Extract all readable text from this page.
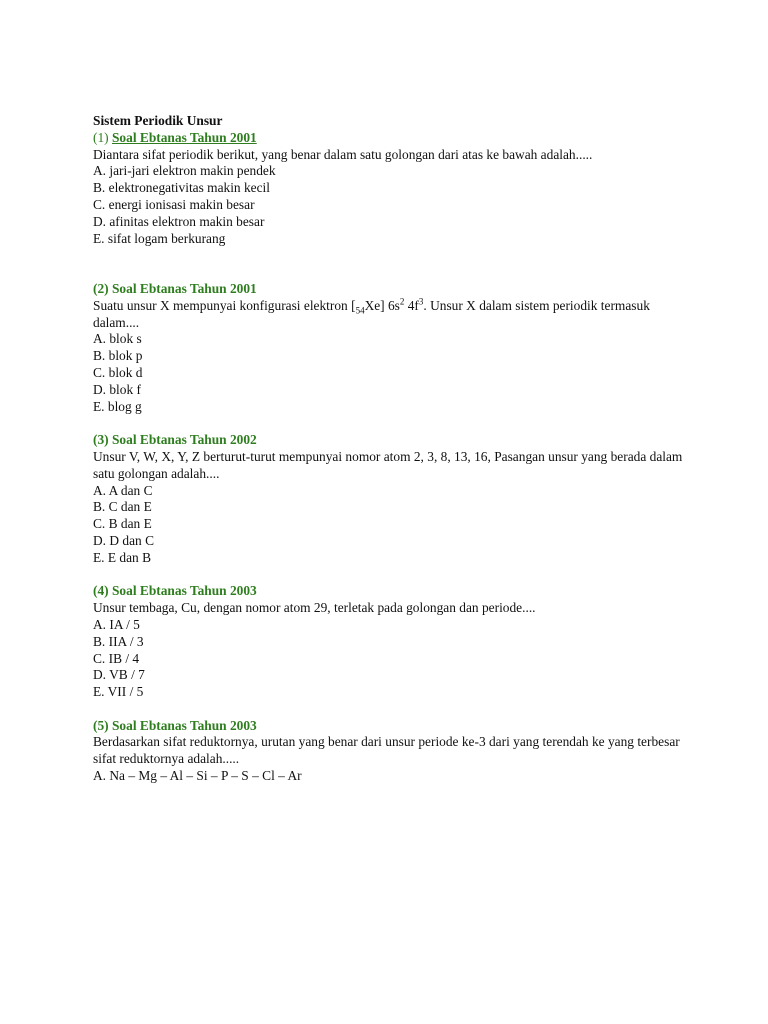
Sistem Periodik Unsur

(1) Soal Ebtanas Tahun 2001

Diantara sifat periodik berikut, yang benar dalam satu golongan dari atas ke bawah adalah.....

A. jari-jari elektron makin pendek

B. elektronegativitas makin kecil

C. energi ionisasi makin besar

D. afinitas elektron makin besar

E. sifat logam berkurang

(2) Soal Ebtanas Tahun 2001

Suatu unsur X mempunyai konfigurasi elektron $[_{54}Xe]$ $6s^2$ $4f^3$. Unsur X dalam sistem periodik termasuk dalam....

A. blok s

B. blok p

C. blok d

D. blok f

E. blog g

(3) Soal Ebtanas Tahun 2002

Unsur V, W, X, Y, Z berturut-turut mempunyai nomor atom 2, 3, 8, 13, 16, Pasangan unsur yang berada dalam satu golongan adalah....

A. A dan C

B. C dan E

C. B dan E

D. D dan C

E. E dan B

(4) Soal Ebtanas Tahun 2003

Unsur tembaga, Cu, dengan nomor atom 29, terletak pada golongan dan periode....

A. IA / 5

B. IIA / 3

C. IB / 4

D. VB / 7

E. VII / 5

(5) Soal Ebtanas Tahun 2003

Berdasarkan sifat reduktornya, urutan yang benar dari unsur periode ke-3 dari yang terendah ke yang terbesar sifat reduktornya adalah.....

A. Na – Mg – Al – Si – P – S – Cl – Ar
